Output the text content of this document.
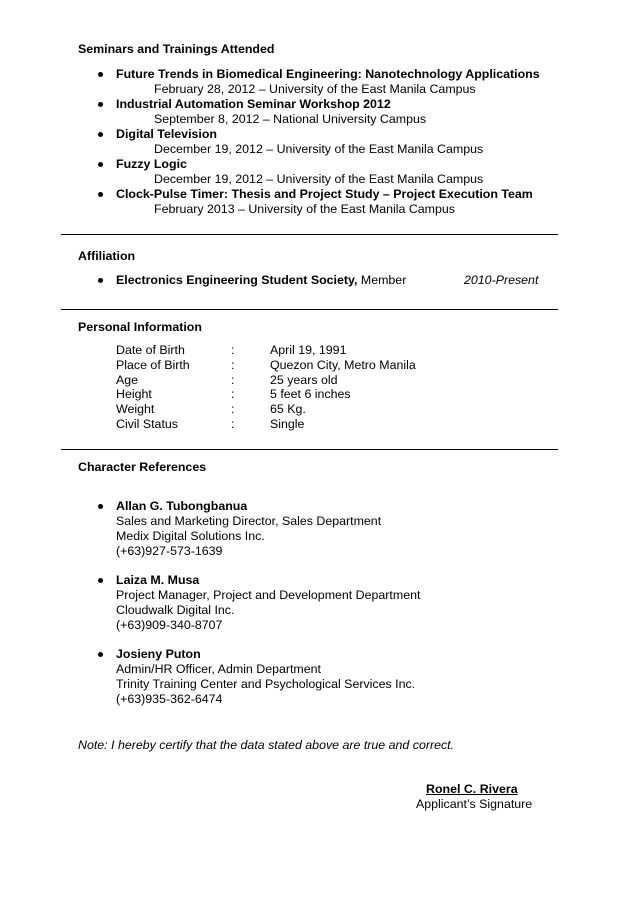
Seminars and Trainings Attended
Future Trends in Biomedical Engineering: Nanotechnology Applications
February 28, 2012 – University of the East Manila Campus
Industrial Automation Seminar Workshop 2012
September 8, 2012 – National University Campus
Digital Television
December 19, 2012 – University of the East Manila Campus
Fuzzy Logic
December 19, 2012 – University of the East Manila Campus
Clock-Pulse Timer: Thesis and Project Study – Project Execution Team
February 2013 – University of the East Manila Campus
Affiliation
Electronics Engineering Student Society, Member	2010-Present
Personal Information
Date of Birth	:	April 19, 1991
Place of Birth	:	Quezon City, Metro Manila
Age	:	25 years old
Height	:	5 feet 6 inches
Weight	:	65 Kg.
Civil Status	:	Single
Character References
Allan G. Tubongbanua
Sales and Marketing Director, Sales Department
Medix Digital Solutions Inc.
(+63)927-573-1639
Laiza M. Musa
Project Manager, Project and Development Department
Cloudwalk Digital Inc.
(+63)909-340-8707
Josieny Puton
Admin/HR Officer, Admin Department
Trinity Training Center and Psychological Services Inc.
(+63)935-362-6474
Note: I hereby certify that the data stated above are true and correct.
Ronel C. Rivera
Applicant’s Signature
